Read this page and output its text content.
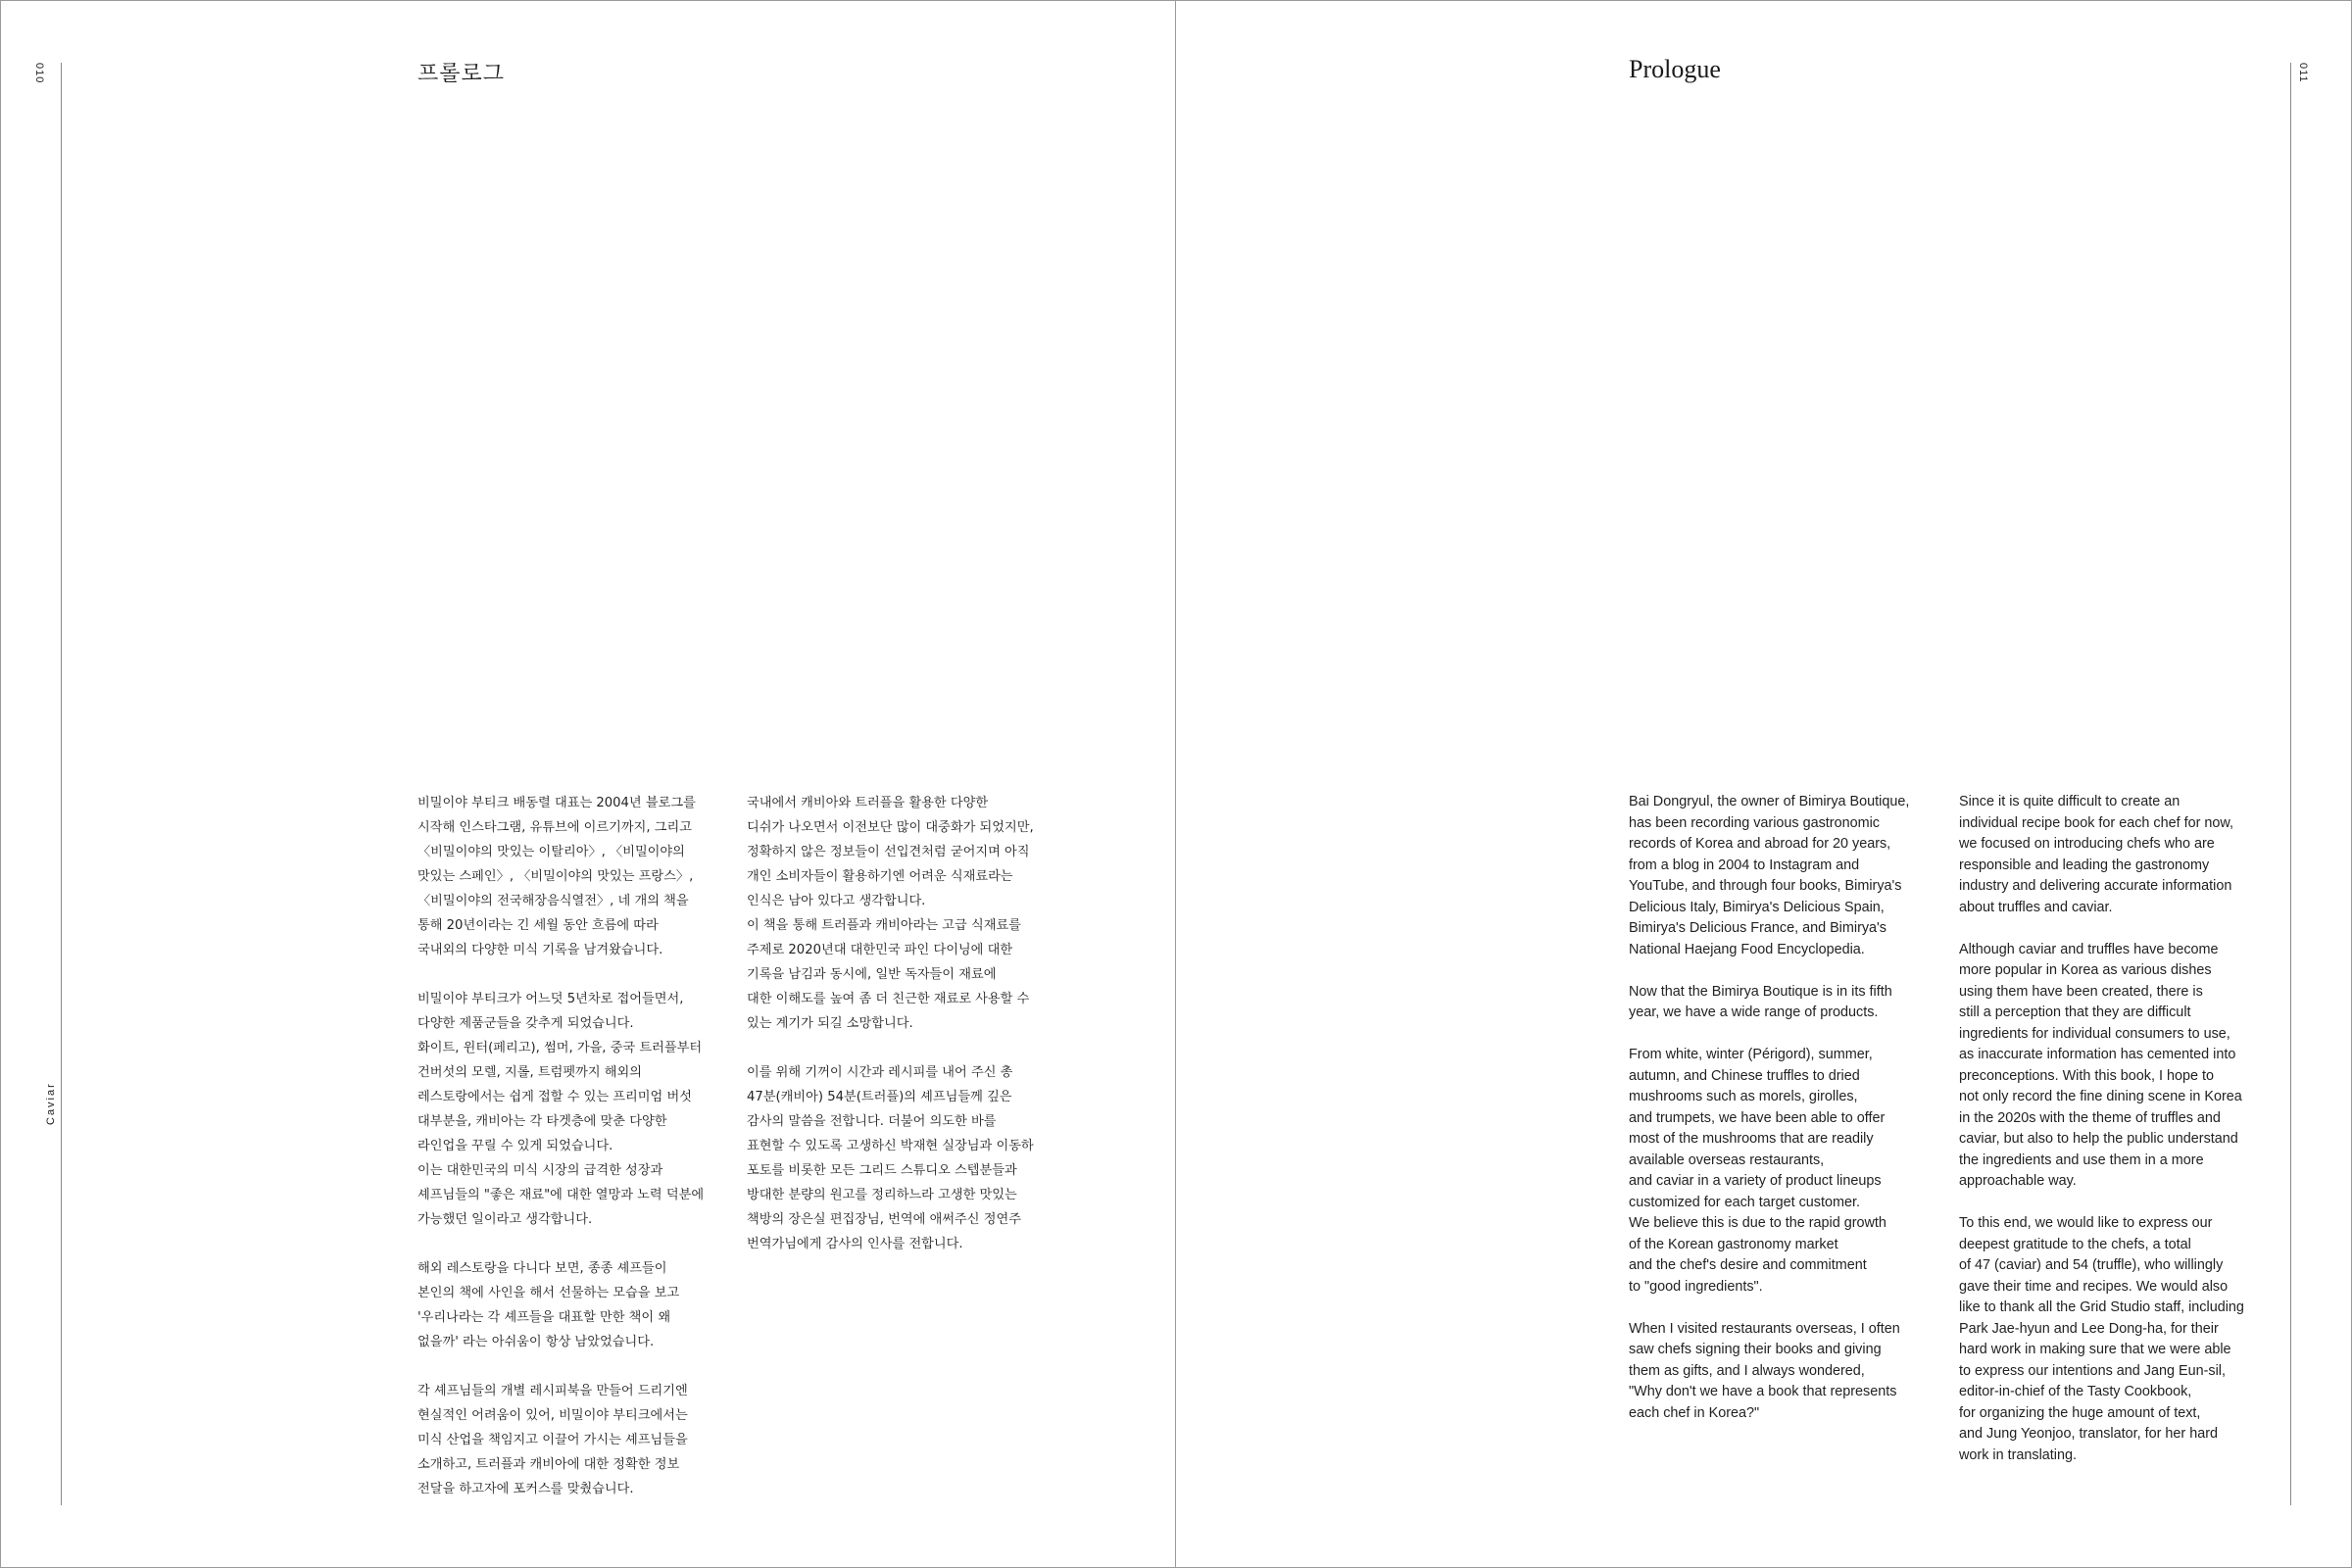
010
Caviar
프롤로그
비밀이야 부티크 배동렬 대표는 2004년 블로그를
시작해 인스타그램, 유튜브에 이르기까지, 그리고
〈비밀이야의 맛있는 이탈리아〉, 〈비밀이야의
맛있는 스페인〉, 〈비밀이야의 맛있는 프랑스〉,
〈비밀이야의 전국해장음식열전〉, 네 개의 책을
통해 20년이라는 긴 세월 동안 흐름에 따라
국내외의 다양한 미식 기록을 남겨왔습니다.

비밀이야 부티크가 어느덧 5년차로 접어들면서,
다양한 제품군들을 갖추게 되었습니다.
화이트, 윈터(페리고), 썸머, 가을, 중국 트러플부터
건버섯의 모렐, 지롤, 트럼펫까지 해외의
레스토랑에서는 쉽게 접할 수 있는 프리미엄 버섯
대부분을, 캐비아는 각 타겟층에 맞춘 다양한
라인업을 꾸릴 수 있게 되었습니다.
이는 대한민국의 미식 시장의 급격한 성장과
셰프님들의 "좋은 재료"에 대한 열망과 노력 덕분에
가능했던 일이라고 생각합니다.

해외 레스토랑을 다니다 보면, 종종 셰프들이
본인의 책에 사인을 해서 선물하는 모습을 보고
'우리나라는 각 셰프들을 대표할 만한 책이 왜
없을까' 라는 아쉬움이 항상 남았었습니다.

각 셰프님들의 개별 레시피북을 만들어 드리기엔
현실적인 어려움이 있어, 비밀이야 부티크에서는
미식 산업을 책임지고 이끌어 가시는 셰프님들을
소개하고, 트러플과 캐비아에 대한 정확한 정보
전달을 하고자에 포커스를 맞췄습니다.
국내에서 캐비아와 트러플을 활용한 다양한
디쉬가 나오면서 이전보단 많이 대중화가 되었지만,
정확하지 않은 정보들이 선입견처럼 굳어지며 아직
개인 소비자들이 활용하기엔 어려운 식재료라는
인식은 남아 있다고 생각합니다.
이 책을 통해 트러플과 캐비아라는 고급 식재료를
주제로 2020년대 대한민국 파인 다이닝에 대한
기록을 남김과 동시에, 일반 독자들이 재료에
대한 이해도를 높여 좀 더 친근한 재료로 사용할 수
있는 계기가 되길 소망합니다.

이를 위해 기꺼이 시간과 레시피를 내어 주신 총
47분(캐비아) 54분(트러플)의 셰프님들께 깊은
감사의 말씀을 전합니다. 더불어 의도한 바를
표현할 수 있도록 고생하신 박재현 실장님과 이동하
포토를 비롯한 모든 그리드 스튜디오 스텝분들과
방대한 분량의 원고를 정리하느라 고생한 맛있는
책방의 장은실 편집장님, 번역에 애써주신 정연주
번역가님에게 감사의 인사를 전합니다.
011
Prologue
Bai Dongryul, the owner of Bimirya Boutique,
has been recording various gastronomic
records of Korea and abroad for 20 years,
from a blog in 2004 to Instagram and
YouTube, and through four books, Bimirya's
Delicious Italy, Bimirya's Delicious Spain,
Bimirya's Delicious France, and Bimirya's
National Haejang Food Encyclopedia.

Now that the Bimirya Boutique is in its fifth
year, we have a wide range of products.

From white, winter (Périgord), summer,
autumn, and Chinese truffles to dried
mushrooms such as morels, girolles,
and trumpets, we have been able to offer
most of the mushrooms that are readily
available overseas restaurants,
and caviar in a variety of product lineups
customized for each target customer.
We believe this is due to the rapid growth
of the Korean gastronomy market
and the chef's desire and commitment
to "good ingredients".

When I visited restaurants overseas, I often
saw chefs signing their books and giving
them as gifts, and I always wondered,
"Why don't we have a book that represents
each chef in Korea?"
Since it is quite difficult to create an
individual recipe book for each chef for now,
we focused on introducing chefs who are
responsible and leading the gastronomy
industry and delivering accurate information
about truffles and caviar.

Although caviar and truffles have become
more popular in Korea as various dishes
using them have been created, there is
still a perception that they are difficult
ingredients for individual consumers to use,
as inaccurate information has cemented into
preconceptions. With this book, I hope to
not only record the fine dining scene in Korea
in the 2020s with the theme of truffles and
caviar, but also to help the public understand
the ingredients and use them in a more
approachable way.

To this end, we would like to express our
deepest gratitude to the chefs, a total
of 47 (caviar) and 54 (truffle), who willingly
gave their time and recipes. We would also
like to thank all the Grid Studio staff, including
Park Jae-hyun and Lee Dong-ha, for their
hard work in making sure that we were able
to express our intentions and Jang Eun-sil,
editor-in-chief of the Tasty Cookbook,
for organizing the huge amount of text,
and Jung Yeonjoo, translator, for her hard
work in translating.
